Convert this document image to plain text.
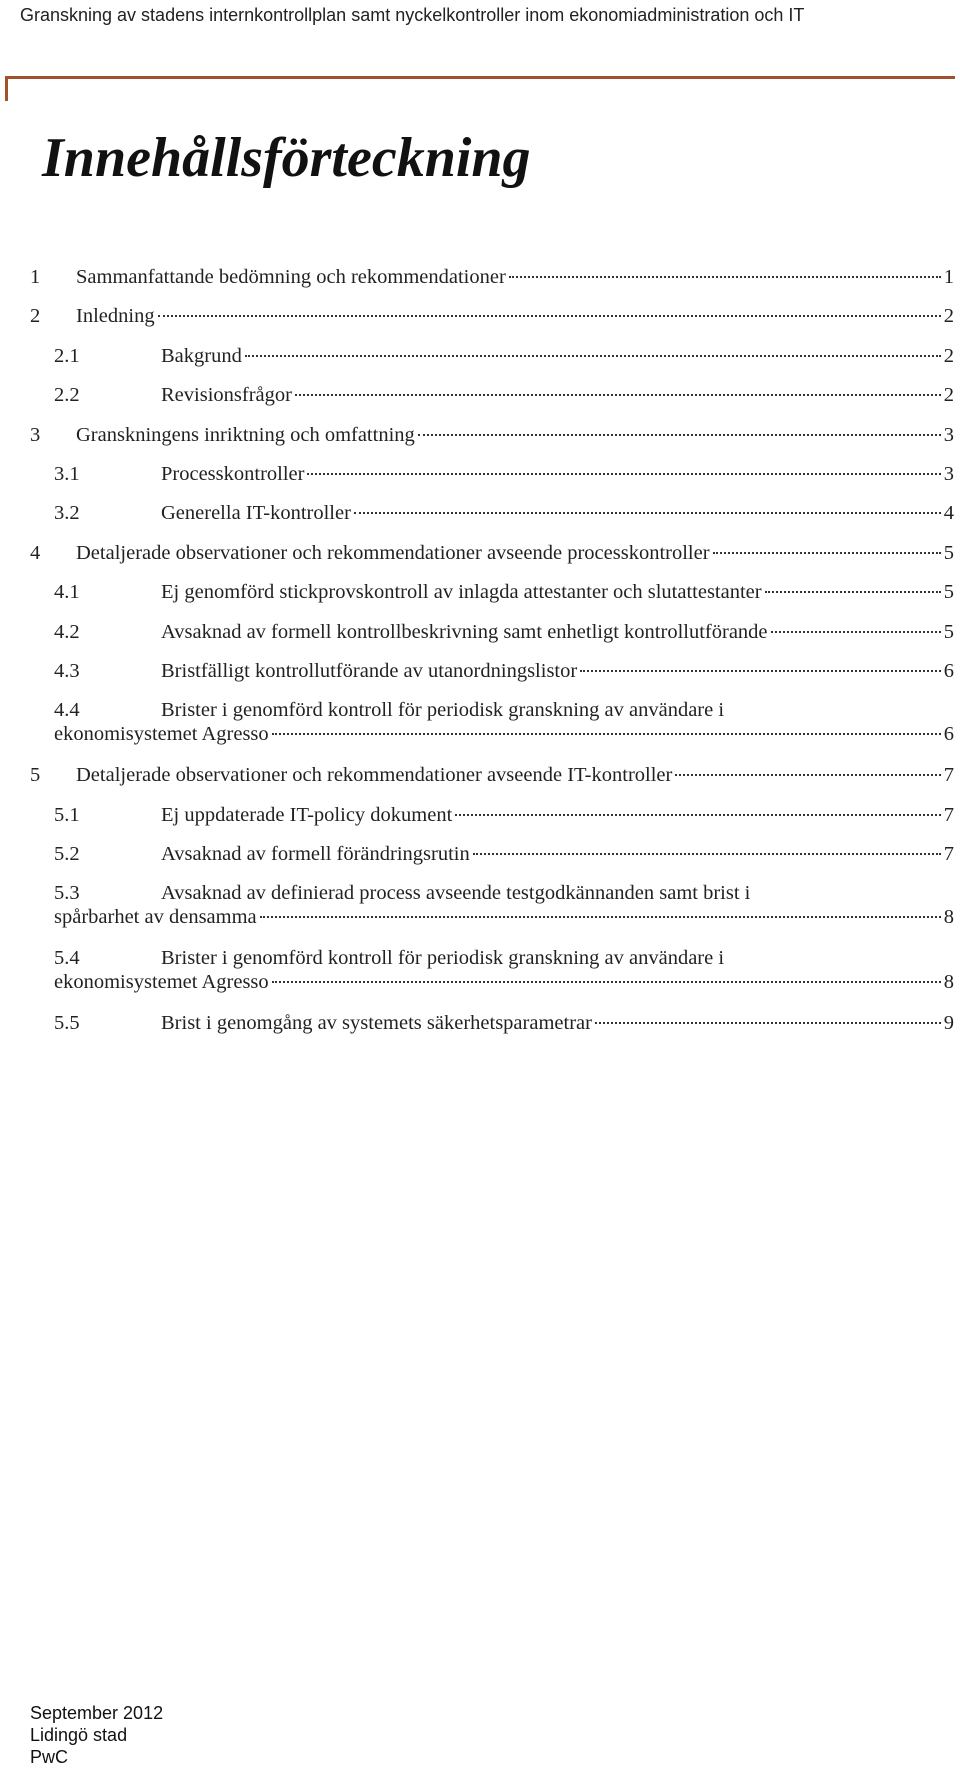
Granskning av stadens internkontrollplan samt nyckelkontroller inom ekonomiadministration och IT
Innehållsförteckning
1 Sammanfattande bedömning och rekommendationer	1
2 Inledning	2
2.1	Bakgrund	2
2.2	Revisionsfrågor	2
3 Granskningens inriktning och omfattning	3
3.1	Processkontroller	3
3.2	Generella IT-kontroller	4
4 Detaljerade observationer och rekommendationer avseende processkontroller	5
4.1	Ej genomförd stickprovskontroll av inlagda attestanter och slutattestanter	5
4.2	Avsaknad av formell kontrollbeskrivning samt enhetligt kontrollutförande	5
4.3	Bristfälligt kontrollutförande av utanordningslistor	6
4.4	Brister i genomförd kontroll för periodisk granskning av användare i
ekonomisystemet Agresso	6
5 Detaljerade observationer och rekommendationer avseende IT-kontroller	7
5.1	Ej uppdaterade IT-policy dokument	7
5.2	Avsaknad av formell förändringsrutin	7
5.3	Avsaknad av definierad process avseende testgodkännanden samt brist i
spårbarhet av densamma	8
5.4	Brister i genomförd kontroll för periodisk granskning av användare i
ekonomisystemet Agresso	8
5.5	Brist i genomgång av systemets säkerhetsparametrar	9
September 2012
Lidingö stad
PwC
